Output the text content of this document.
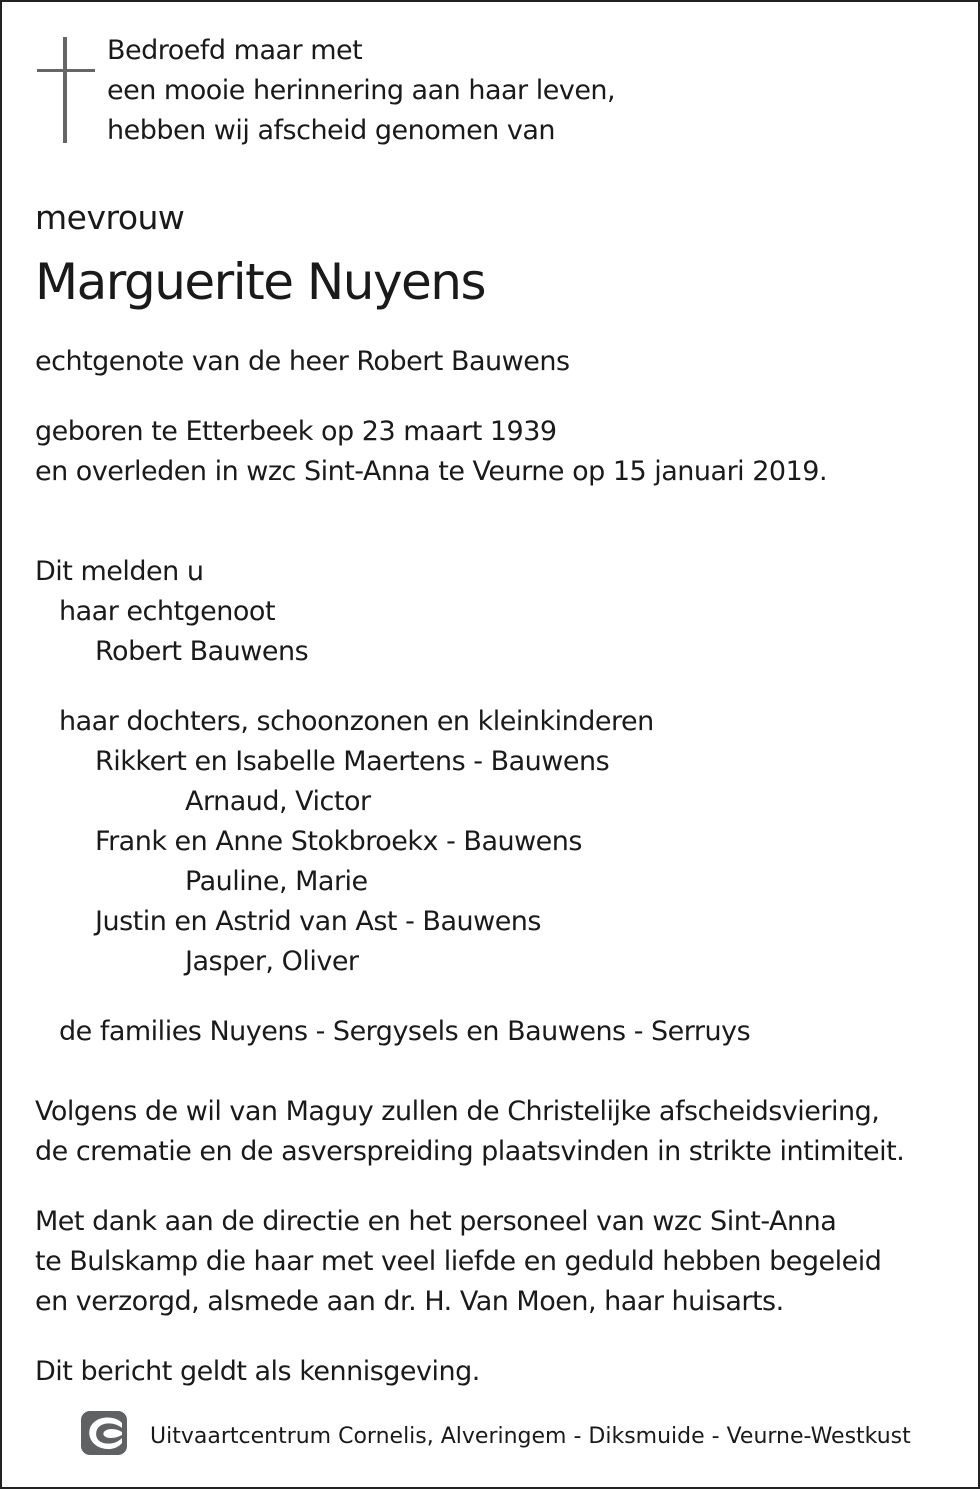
Bedroefd maar met
een mooie herinnering aan haar leven,
hebben wij afscheid genomen van
mevrouw
Marguerite Nuyens
echtgenote van de heer Robert Bauwens
geboren te Etterbeek op 23 maart 1939
en overleden in wzc Sint-Anna te Veurne op 15 januari 2019.
Dit melden u
haar echtgenoot
Robert Bauwens
haar dochters, schoonzonen en kleinkinderen
Rikkert en Isabelle Maertens - Bauwens
Arnaud, Victor
Frank en Anne Stokbroekx - Bauwens
Pauline, Marie
Justin en Astrid van Ast - Bauwens
Jasper, Oliver
de families Nuyens - Sergysels en Bauwens - Serruys
Volgens de wil van Maguy zullen de Christelijke afscheidsviering,
de crematie en de asverspreiding plaatsvinden in strikte intimiteit.
Met dank aan de directie en het personeel van wzc Sint-Anna
te Bulskamp die haar met veel liefde en geduld hebben begeleid
en verzorgd, alsmede aan dr. H. Van Moen, haar huisarts.
Dit bericht geldt als kennisgeving.
Uitvaartcentrum Cornelis, Alveringem - Diksmuide - Veurne-Westkust
